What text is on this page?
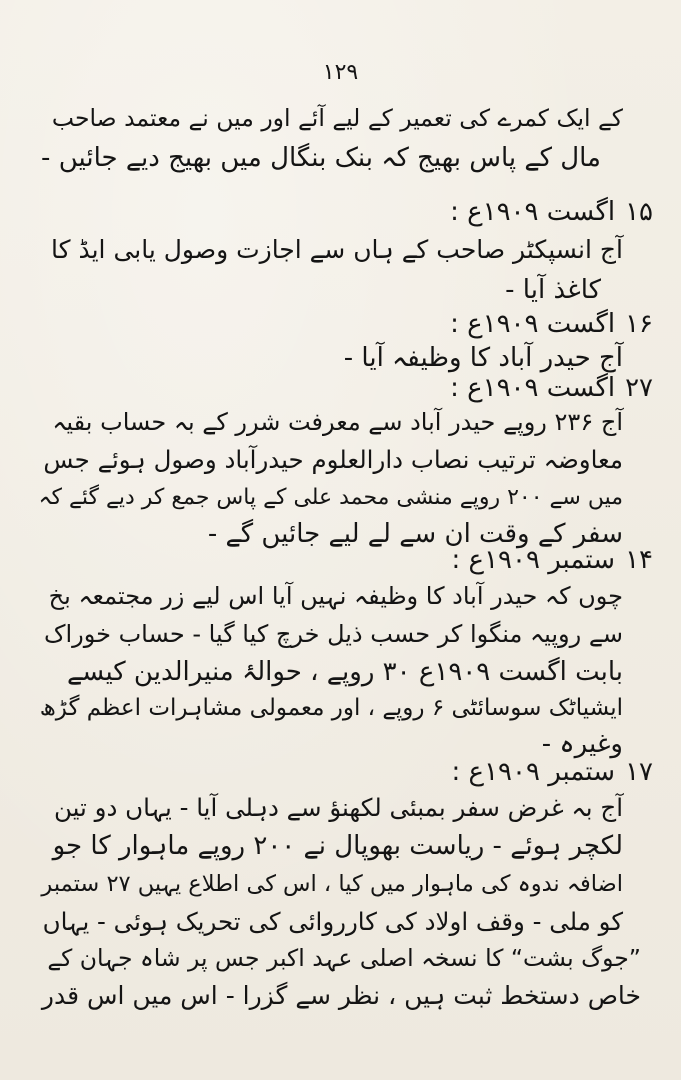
۱۲۹
کے ایک کمرے کی تعمیر کے لیے آئے اور میں نے معتمد صاحب
مال کے پاس بھیج کہ بنک بنگال میں بھیج دیے جائیں -
۱۵اگست ۱۹۰۹ع :
آج انسپکٹر صاحب کے ہاں سے اجازت وصول یابی ایڈ کا
کاغذ آیا -
۱۶اگست ۱۹۰۹ع :
آج حیدر آباد کا وظیفہ آیا -
۲۷اگست ۱۹۰۹ع :
آج ۲۳۶ روپے حیدر آباد سے معرفت شرر کے بہ حساب بقیہ
معاوضہ ترتیب نصاب دارالعلوم حیدرآباد وصول ہوئے جس
میں سے ۲۰۰ روپے منشی محمد علی کے پاس جمع کر دیے گئے کہ
سفر کے وقت ان سے لے لیے جائیں گے -
۱۴ستمبر ۱۹۰۹ع :
چوں کہ حیدر آباد کا وظیفہ نہیں آیا اس لیے زر مجتمعہ بخ
سے روپیہ منگوا کر حسب ذیل خرچ کیا گیا - حساب خوراک
بابت اگست ۱۹۰۹ع ۳۰ روپے ، حوالۂ منیرالدین کیسے
ایشیاٹک سوسائٹی ۶ روپے ، اور معمولی مشاہرات اعظم گڑھ
وغیرہ -
۱۷ستمبر ۱۹۰۹ع :
آج بہ غرض سفر بمبئی لکھنؤ سے دہلی آیا - یہاں دو تین
لکچر ہوئے - ریاست بھوپال نے ۲۰۰ روپے ماہوار کا جو
اضافہ ندوہ کی ماہوار میں کیا ، اس کی اطلاع یہیں ۲۷ ستمبر
کو ملی - وقف اولاد کی کارروائی کی تحریک ہوئی - یہاں
”جوگ بشت“ کا نسخہ اصلی عہد اکبر جس پر شاہ جہان کے
خاص دستخط ثبت ہیں ، نظر سے گزرا - اس میں اس قدر
